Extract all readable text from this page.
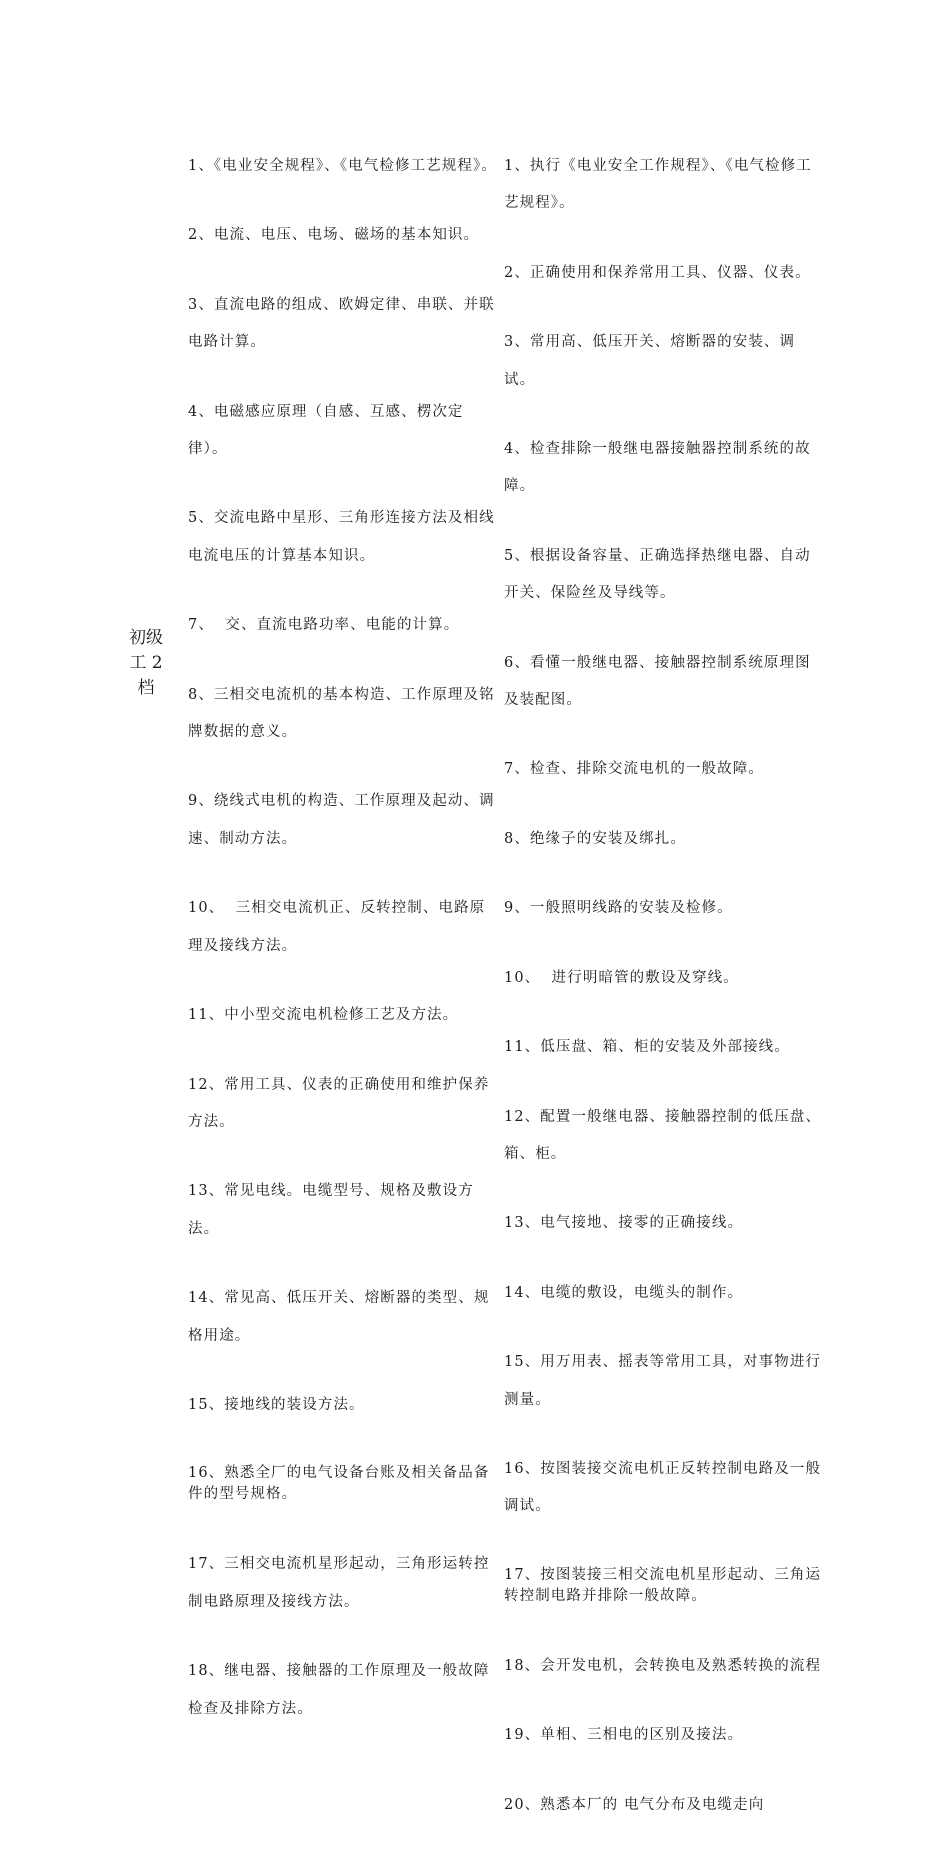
初级
工 2
档

1、《电业安全规程》、《电气检修工艺规程》。

2、电流、电压、电场、磁场的基本知识。

3、直流电路的组成、欧姆定律、串联、并联电路计算。

4、电磁感应原理（自感、互感、楞次定律）。

5、交流电路中星形、三角形连接方法及相线电流电压的计算基本知识。

7、  交、直流电路功率、电能的计算。

8、三相交电流机的基本构造、工作原理及铭牌数据的意义。

9、绕线式电机的构造、工作原理及起动、调速、制动方法。

10、  三相交电流机正、反转控制、电路原理及接线方法。

11、中小型交流电机检修工艺及方法。

12、常用工具、仪表的正确使用和维护保养方法。

13、常见电线。电缆型号、规格及敷设方法。

14、常见高、低压开关、熔断器的类型、规格用途。

15、接地线的装设方法。

16、熟悉全厂的电气设备台账及相关备品备件的型号规格。

17、三相交电流机星形起动，三角形运转控制电路原理及接线方法。

18、继电器、接触器的工作原理及一般故障检查及排除方法。

1、执行《电业安全工作规程》、《电气检修工艺规程》。

2、正确使用和保养常用工具、仪器、仪表。

3、常用高、低压开关、熔断器的安装、调试。

4、检查排除一般继电器接触器控制系统的故障。

5、根据设备容量、正确选择热继电器、自动开关、保险丝及导线等。

6、看懂一般继电器、接触器控制系统原理图及装配图。

7、检查、排除交流电机的一般故障。

8、绝缘子的安装及绑扎。

9、一般照明线路的安装及检修。

10、  进行明暗管的敷设及穿线。

11、低压盘、箱、柜的安装及外部接线。

12、配置一般继电器、接触器控制的低压盘、箱、柜。

13、电气接地、接零的正确接线。

14、电缆的敷设，电缆头的制作。

15、用万用表、摇表等常用工具，对事物进行测量。

16、按图装接交流电机正反转控制电路及一般调试。

17、按图装接三相交流电机星形起动、三角运转控制电路并排除一般故障。

18、会开发电机，会转换电及熟悉转换的流程

19、单相、三相电的区别及接法。

20、熟悉本厂的 电气分布及电缆走向
